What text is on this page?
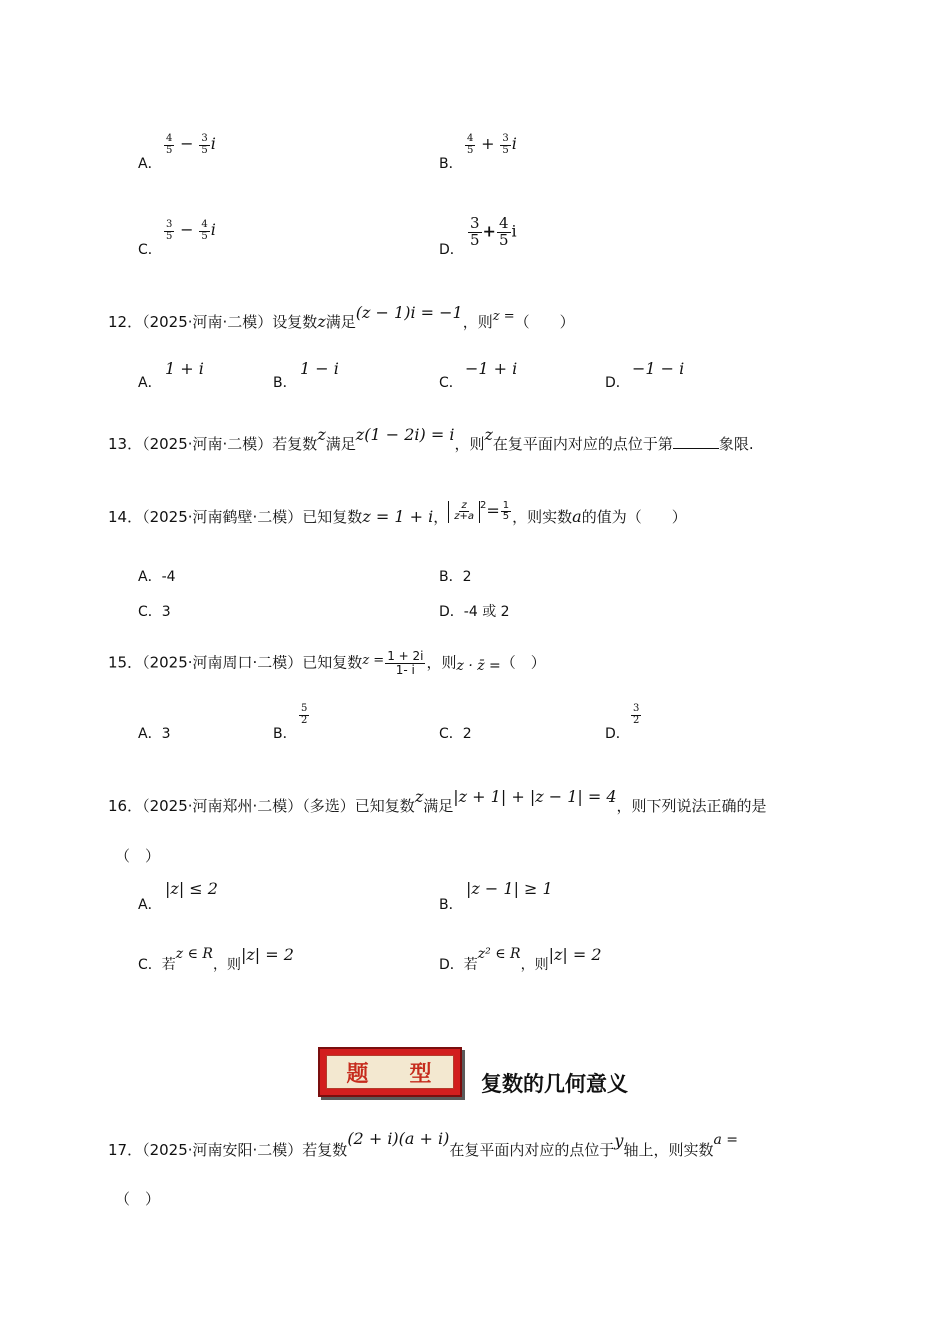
A．
$\frac{4}{5} - \frac{3}{5}$ i
B．
$\frac{4}{5} + \frac{3}{5}$ i
C．
$\frac{3}{5} - \frac{4}{5}$ i
D．
$\frac{3}{5} + \frac{4}{5}$ i
12．（2025·河南·二模）设复数z满足(z − 1)i = −1，则z =（　　）
A．
1 + i
B．
1 − i
C．
−1 + i
D．
−1 − i
13．（2025·河南·二模）若复数z满足z(1 − 2i) = i，则z在复平面内对应的点位于第	象限.
14．（2025·河南鹤壁·二模）已知复数z = 1 + i， $\frac{z}{z+a} ^2= \frac{1}{5}$ ，则实数a的值为（　　）
A．-4	B．2
C．3	D．-4 或 2
15．（2025·河南周口·二模）已知复数$z = \frac{1 + 2i}{1- i}$ ，则z · z̄ =（　）
A．3	B．
$\frac{5}{2}$
C．2	D．
$\frac{3}{2}$
16．（2025·河南郑州·二模）（多选）已知复数z满足|z + 1| + |z − 1| = 4，则下列说法正确的是
（　）
A．
|z| ≤ 2
B．
|z − 1| ≥ 1
C．若z ∈ R，则|z| = 2
D．若z² ∈ R，则|z| = 2
题 型 复数的几何意义
17．（2025·河南安阳·二模）若复数(2 + i)(a + i)在复平面内对应的点位于y轴上，则实数a =
（　）
